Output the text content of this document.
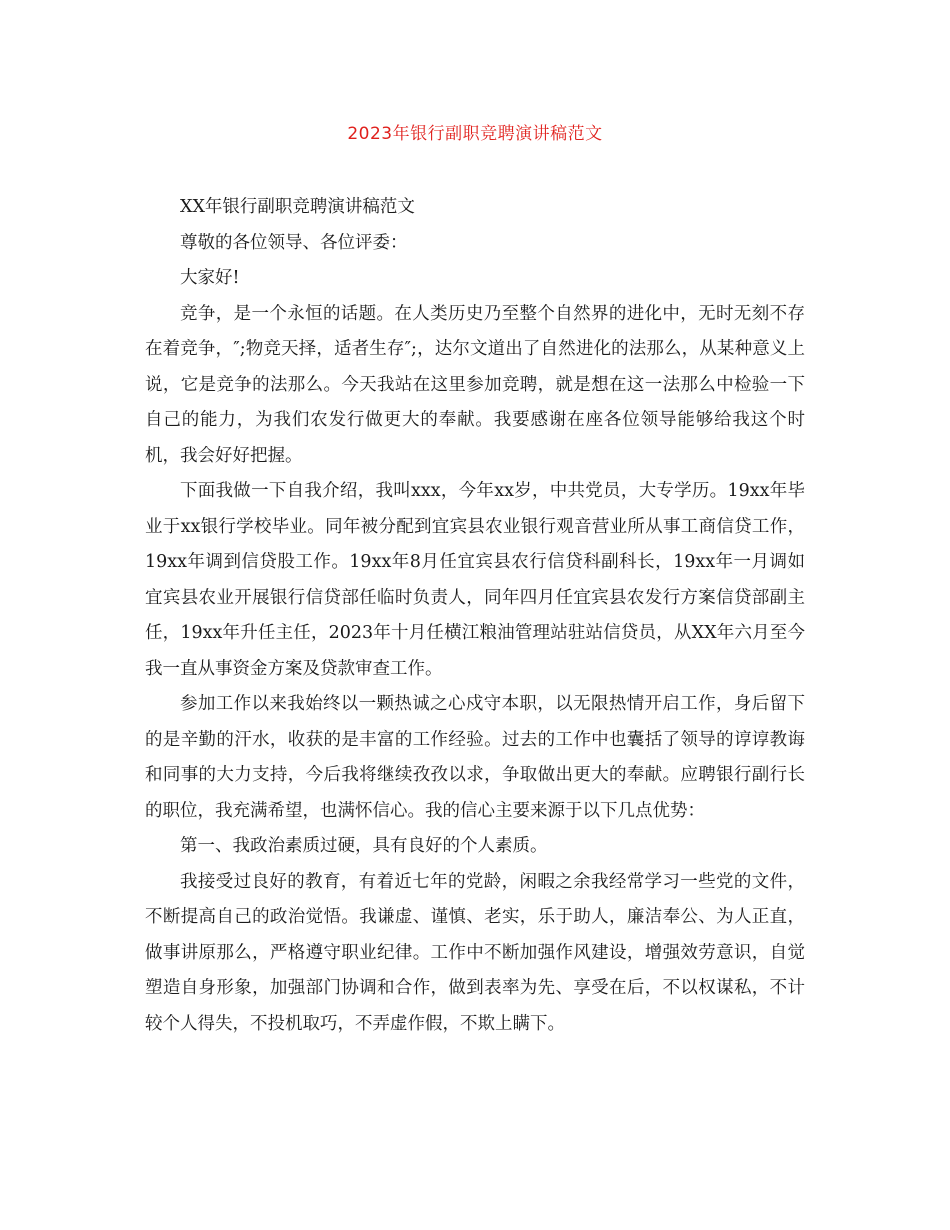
2023年银行副职竞聘演讲稿范文

XX年银行副职竞聘演讲稿范文

尊敬的各位领导、各位评委：

大家好!

竞争，是一个永恒的话题。在人类历史乃至整个自然界的进化中，无时无刻不存在着竞争，″;物竞天择，适者生存″;，达尔文道出了自然进化的法那么，从某种意义上说，它是竞争的法那么。今天我站在这里参加竞聘，就是想在这一法那么中检验一下自己的能力，为我们农发行做更大的奉献。我要感谢在座各位领导能够给我这个时机，我会好好把握。

下面我做一下自我介绍，我叫xxx，今年xx岁，中共党员，大专学历。19xx年毕业于xx银行学校毕业。同年被分配到宜宾县农业银行观音营业所从事工商信贷工作，19xx年调到信贷股工作。19xx年8月任宜宾县农行信贷科副科长，19xx年一月调如宜宾县农业开展银行信贷部任临时负责人，同年四月任宜宾县农发行方案信贷部副主任，19xx年升任主任，2023年十月任横江粮油管理站驻站信贷员，从XX年六月至今我一直从事资金方案及贷款审查工作。

参加工作以来我始终以一颗热诚之心戍守本职，以无限热情开启工作，身后留下的是辛勤的汗水，收获的是丰富的工作经验。过去的工作中也囊括了领导的谆谆教诲和同事的大力支持，今后我将继续孜孜以求，争取做出更大的奉献。应聘银行副行长的职位，我充满希望，也满怀信心。我的信心主要来源于以下几点优势：

第一、我政治素质过硬，具有良好的个人素质。

我接受过良好的教育，有着近七年的党龄，闲暇之余我经常学习一些党的文件，不断提高自己的政治觉悟。我谦虚、谨慎、老实，乐于助人，廉洁奉公、为人正直，做事讲原那么，严格遵守职业纪律。工作中不断加强作风建设，增强效劳意识，自觉塑造自身形象，加强部门协调和合作，做到表率为先、享受在后，不以权谋私，不计较个人得失，不投机取巧，不弄虚作假，不欺上瞒下。
